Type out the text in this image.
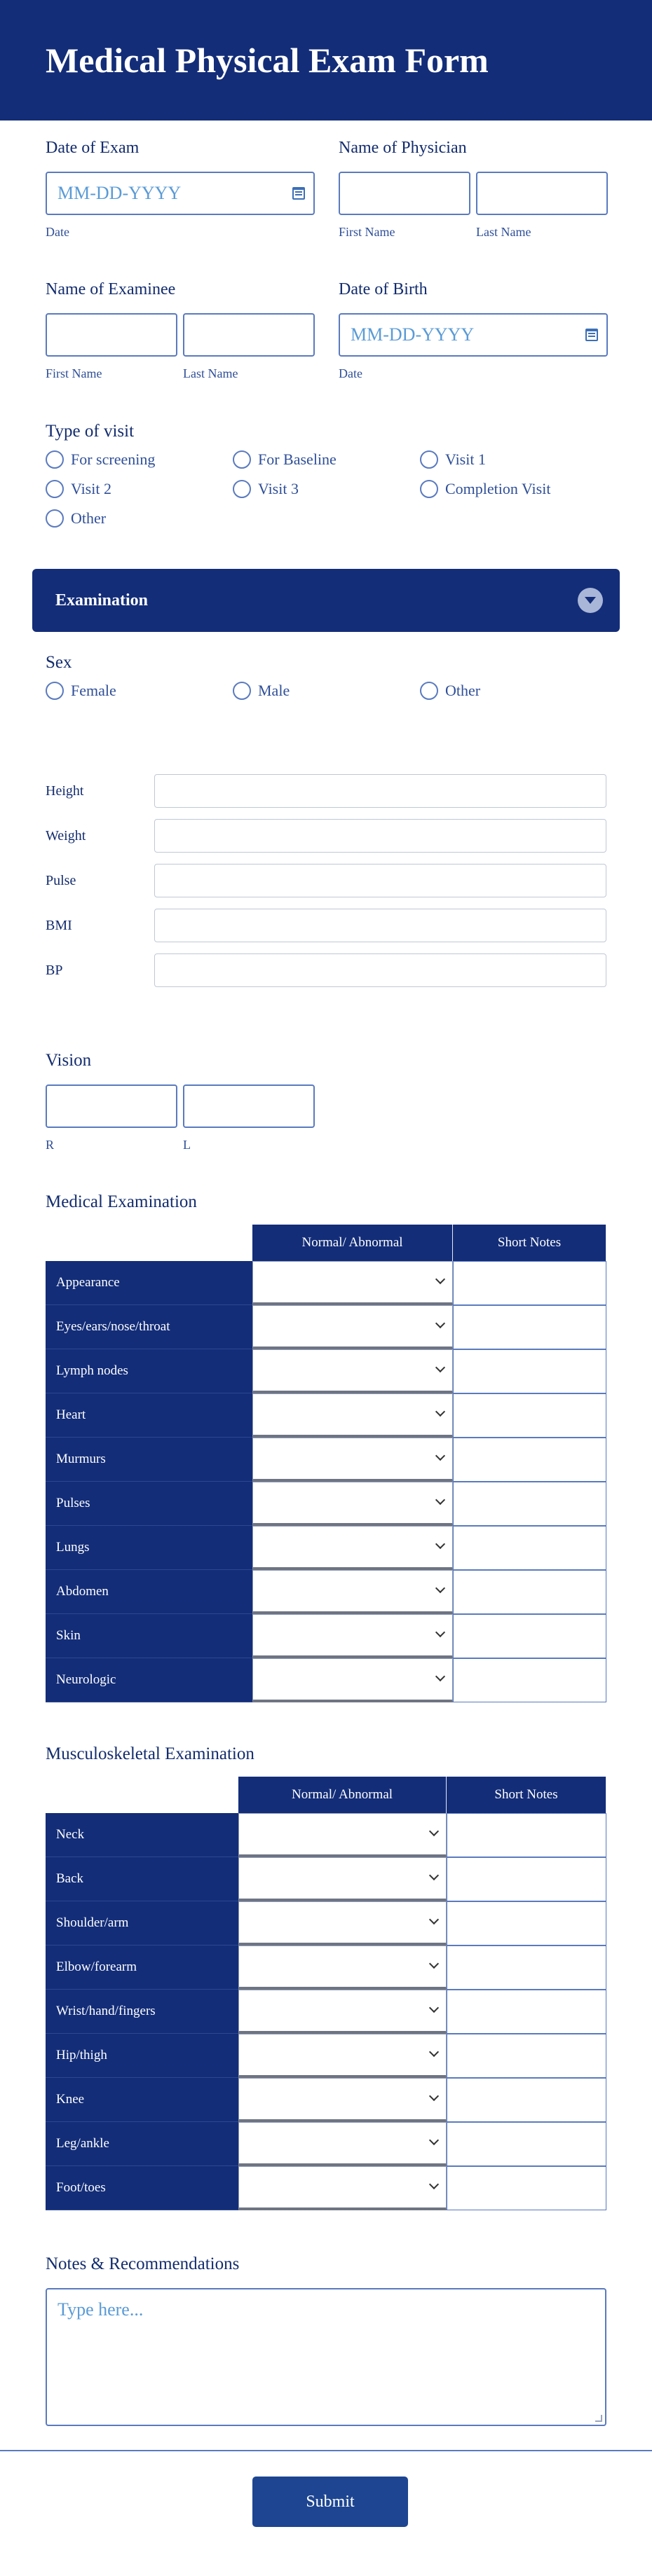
Medical Physical Exam Form
Date of Exam
MM-DD-YYYY
Date
Name of Physician
First Name	Last Name
Name of Examinee
First Name	Last Name
Date of Birth
MM-DD-YYYY
Date
Type of visit
For screening	For Baseline	Visit 1
Visit 2	Visit 3	Completion Visit
Other
Examination
Sex
Female	Male	Other
Height
Weight
Pulse
BMI
BP
Vision
R	L
Medical Examination
Normal/ Abnormal	Short Notes
Appearance
Eyes/ears/nose/throat
Lymph nodes
Heart
Murmurs
Pulses
Lungs
Abdomen
Skin
Neurologic
Musculoskeletal Examination
Normal/ Abnormal	Short Notes
Neck
Back
Shoulder/arm
Elbow/forearm
Wrist/hand/fingers
Hip/thigh
Knee
Leg/ankle
Foot/toes
Notes & Recommendations
Type here...
Submit
